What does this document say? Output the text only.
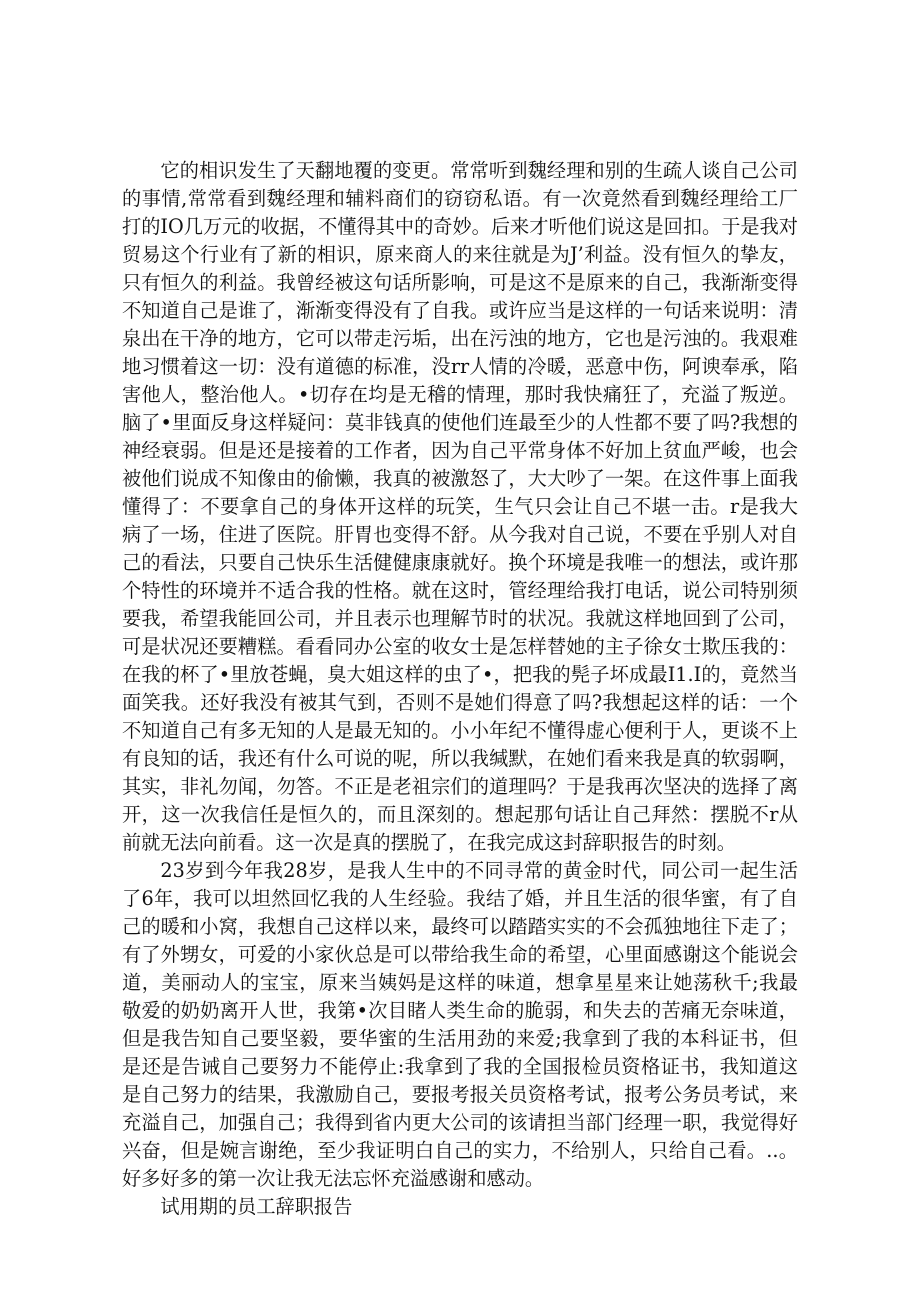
它的相识发生了天翻地覆的变更。常常听到魏经理和别的生疏人谈自己公司的事情,常常看到魏经理和辅料商们的窃窃私语。有一次竟然看到魏经理给工厂打的IO几万元的收据，不懂得其中的奇妙。后来才听他们说这是回扣。于是我对贸易这个行业有了新的相识，原来商人的来往就是为J’利益。没有恒久的挚友，只有恒久的利益。我曾经被这句话所影响，可是这不是原来的自己，我渐渐变得不知道自己是谁了，渐渐变得没有了自我。或许应当是这样的一句话来说明：清泉出在干净的地方，它可以带走污垢，出在污浊的地方，它也是污浊的。我艰难地习惯着这一切：没有道德的标准，没rr人情的冷暖，恶意中伤，阿谀奉承，陷害他人，整治他人。•切存在均是无稽的情理，那时我快痛狂了，充溢了叛逆。脑了•里面反身这样疑问：莫非钱真的使他们连最至少的人性都不要了吗?我想的神经衰弱。但是还是接着的工作者，因为自己平常身体不好加上贫血严峻，也会被他们说成不知像由的偷懒，我真的被激怒了，大大吵了一架。在这件事上面我懂得了：不要拿自己的身体开这样的玩笑，生气只会让自己不堪一击。r是我大病了一场，住进了医院。肝胃也变得不舒。从今我对自己说，不要在乎别人对自己的看法，只要自己快乐生活健健康康就好。换个环境是我唯一的想法，或许那个特性的环境并不适合我的性格。就在这时，管经理给我打电话，说公司特别须要我，希望我能回公司，并且表示也理解节时的状况。我就这样地回到了公司，可是状况还要糟糕。看看同办公室的收女士是怎样替她的主子徐女士欺压我的：在我的杯了•里放苍蝇，臭大姐这样的虫了•，把我的髡子坏成最I1.I的，竟然当面笑我。还好我没有被其气到，否则不是她们得意了吗?我想起这样的话：一个不知道自己有多无知的人是最无知的。小小年纪不懂得虚心便利于人，更谈不上有良知的话，我还有什么可说的呢，所以我缄默，在她们看来我是真的软弱啊，其实，非礼勿闻，勿答。不正是老祖宗们的道理吗？于是我再次坚决的选择了离开，这一次我信任是恒久的，而且深刻的。想起那句话让自己拜然：摆脱不r从前就无法向前看。这一次是真的摆脱了，在我完成这封辞职报告的时刻。

23岁到今年我28岁，是我人生中的不同寻常的黄金时代，同公司一起生活了6年，我可以坦然回忆我的人生经验。我结了婚，并且生活的很华蜜，有了自己的暖和小窝，我想自己这样以来，最终可以踏踏实实的不会孤独地往下走了；有了外甥女，可爱的小家伙总是可以带给我生命的希望，心里面感谢这个能说会道，美丽动人的宝宝，原来当姨妈是这样的味道，想拿星星来让她荡秋千;我最敬爱的奶奶离开人世，我第•次目睹人类生命的脆弱，和失去的苦痛无奈味道，但是我告知自己要坚毅，要华蜜的生活用劲的来爱;我拿到了我的本科证书，但是还是告诫自己要努力不能停止:我拿到了我的全国报检员资格证书，我知道这是自己努力的结果，我激励自己，要报考报关员资格考试，报考公务员考试，来充溢自己，加强自己；我得到省内更大公司的该请担当部门经理一职，我觉得好兴奋，但是婉言谢绝，至少我证明白自己的实力，不给别人，只给自己看。..。好多好多的第一次让我无法忘怀充溢感谢和感动。

试用期的员工辞职报告
